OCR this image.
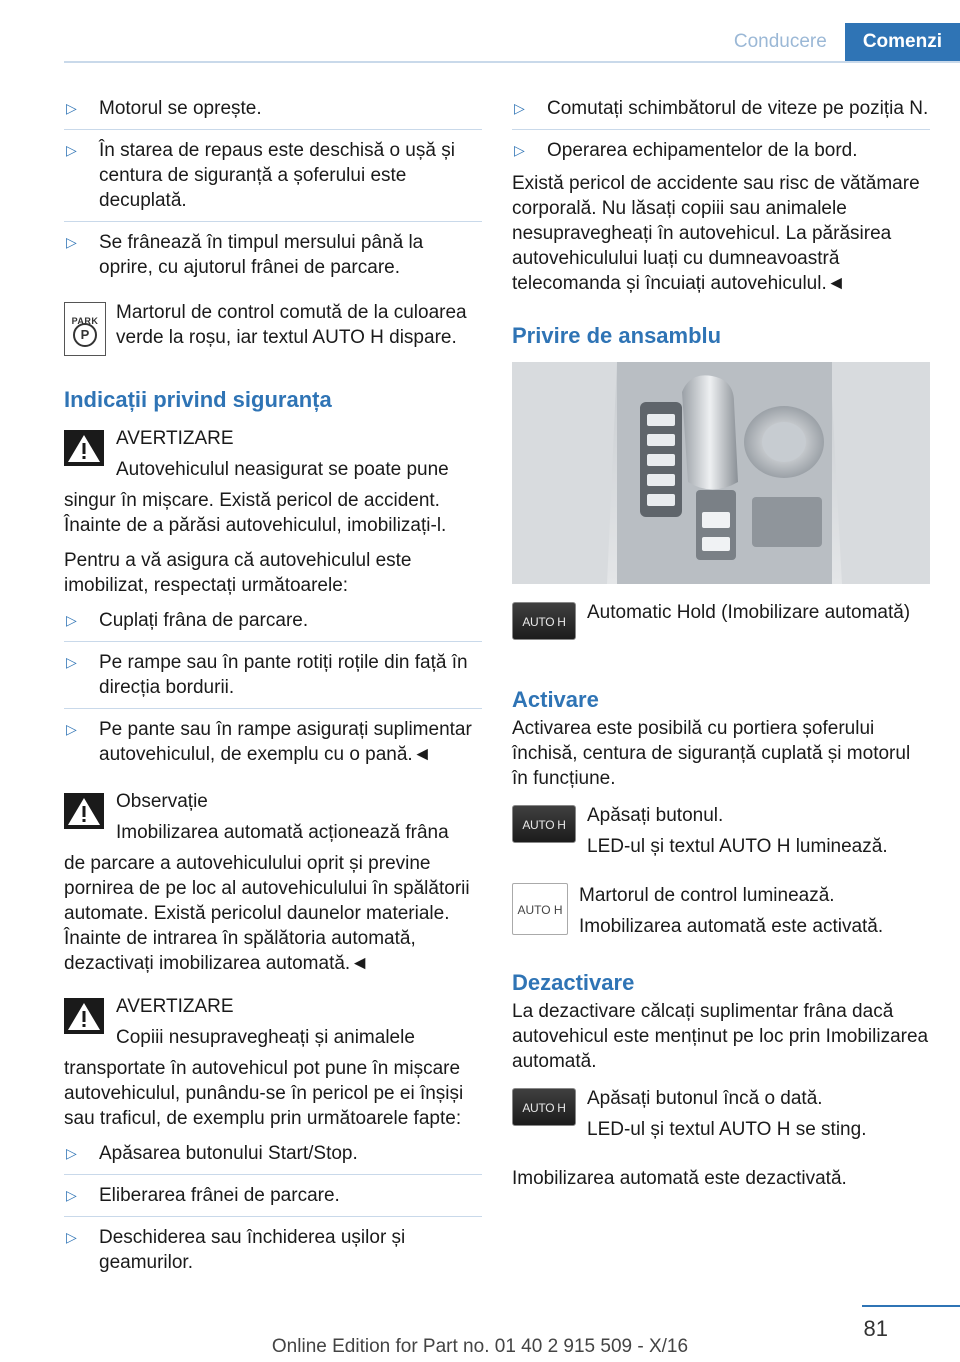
Conducere	Comenzi
▷ Motorul se oprește.
▷ În starea de repaus este deschisă o ușă și centura de siguranță a șoferului este decuplată.
▷ Se frânează în timpul mersului până la oprire, cu ajutorul frânei de parcare.
PARK
P
Martorul de control comută de la culoarea verde la roșu, iar textul AUTO H dispare.
Indicații privind siguranța
AVERTIZARE
Autovehiculul neasigurat se poate pune
singur în mișcare. Există pericol de accident. Înainte de a părăsi autovehiculul, imobilizați-l.

Pentru a vă asigura că autovehiculul este imobilizat, respectați următoarele:

▷ Cuplați frâna de parcare.
▷ Pe rampe sau în pante rotiți roțile din față în direcția bordurii.
▷ Pe pante sau în rampe asigurați suplimentar autovehiculul, de exemplu cu o pană.◄
Observație
Imobilizarea automată acționează frâna
de parcare a autovehiculului oprit și previne pornirea de pe loc al autovehiculului în spălătorii automate. Există pericolul daunelor materiale. Înainte de intrarea în spălătoria automată, dezactivați imobilizarea automată.◄
AVERTIZARE
Copiii nesupravegheați și animalele
transportate în autovehicul pot pune în mișcare autovehiculul, punându-se în pericol pe ei înșiși sau traficul, de exemplu prin următoarele fapte:
▷ Apăsarea butonului Start/Stop.
▷ Eliberarea frânei de parcare.
▷ Deschiderea sau închiderea ușilor și geamurilor.
▷ Comutați schimbătorul de viteze pe poziția N.
▷ Operarea echipamentelor de la bord.

Există pericol de accidente sau risc de vătămare corporală. Nu lăsați copiii sau animalele nesupravegheați în autovehicul. La părăsirea autovehiculului luați cu dumneavoastră telecomanda și încuiați autovehiculul.◄

Privire de ansamblu
AUTO H	Automatic Hold (Imobilizare automată)
Activare

Activarea este posibilă cu portiera șoferului închisă, centura de siguranță cuplată și motorul în funcțiune.

AUTO H	Apăsați butonul.
LED-ul și textul AUTO H luminează.
AUTO H
Martorul de control luminează.
Imobilizarea automată este activată.
Dezactivare

La dezactivare călcați suplimentar frâna dacă autovehicul este menținut pe loc prin Imobilizarea automată.

AUTO H	Apăsați butonul încă o dată.
LED-ul și textul AUTO H se sting.

Imobilizarea automată este dezactivată.

81
Online Edition for Part no. 01 40 2 915 509 - X/16
